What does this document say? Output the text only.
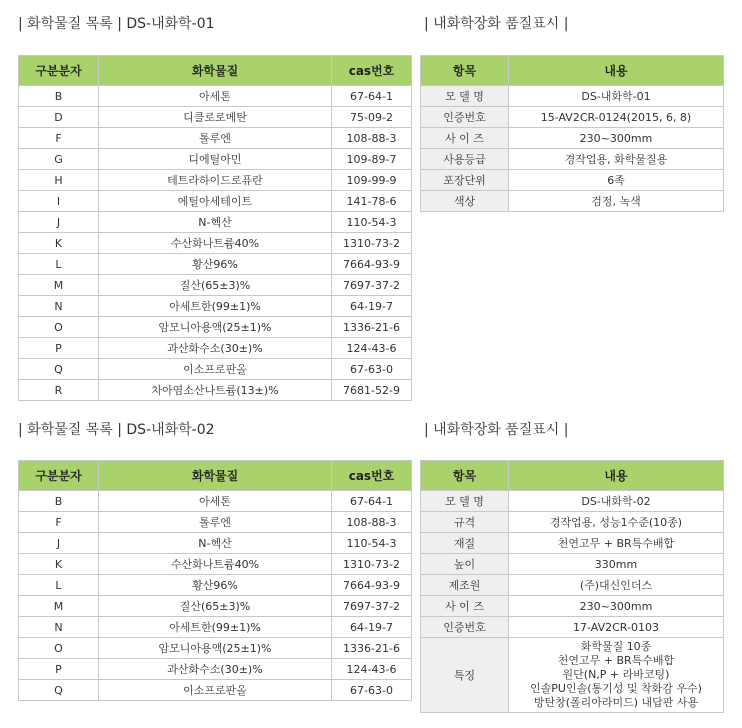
| 화학물질 목록 | DS-내화학-01	| 내화학장화 품질표시 |
| 화학물질 목록 | DS-내화학-02	| 내화학장화 품질표시 |
구분분자	화학물질	cas번호
B	아세톤	67-64-1
D	디클로로메탄	75-09-2
F	톨루엔	108-88-3
G	디에틸아민	109-89-7
H	테트라하이드로퓨란	109-99-9
I	에틸아세테이트	141-78-6
J	N-헥산	110-54-3
K	수산화나트륨40%	1310-73-2
L	황산96%	7664-93-9
M	질산(65±3)%	7697-37-2
N	아세트한(99±1)%	64-19-7
O	암모니아용액(25±1)%	1336-21-6
P	과산화수소(30±)%	124-43-6
Q	이소프로판올	67-63-0
R	차아염소산나트륨(13±)%	7681-52-9
항목	내용
모 델 명	DS-내화학-01
인증번호	15-AV2CR-0124(2015, 6, 8)
사 이 즈	230~300mm
사용등급	경작업용, 화학물질용
포장단위	6족
색상	검정, 녹색
구분분자	화학물질	cas번호
B	아세톤	67-64-1
F	톨루엔	108-88-3
J	N-헥산	110-54-3
K	수산화나트륨40%	1310-73-2
L	황산96%	7664-93-9
M	질산(65±3)%	7697-37-2
N	아세트한(99±1)%	64-19-7
O	암모니아용액(25±1)%	1336-21-6
P	과산화수소(30±)%	124-43-6
Q	이소프로판올	67-63-0
항목	내용
모 델 명	DS-내화학-02
규격	경작업용, 성능1수준(10종)
재질	천연고무 + BR특수배합
높이	330mm
제조원	(주)대신인더스
사 이 즈	230~300mm
인증번호	17-AV2CR-0103
특징	화학물질 10종
천연고무 + BR특수배합
원단(N,P + 라바코팅)
인솔PU인솔(통기성 및 착화감 우수)
방탄창(폴리아라미드) 내답판 사용
